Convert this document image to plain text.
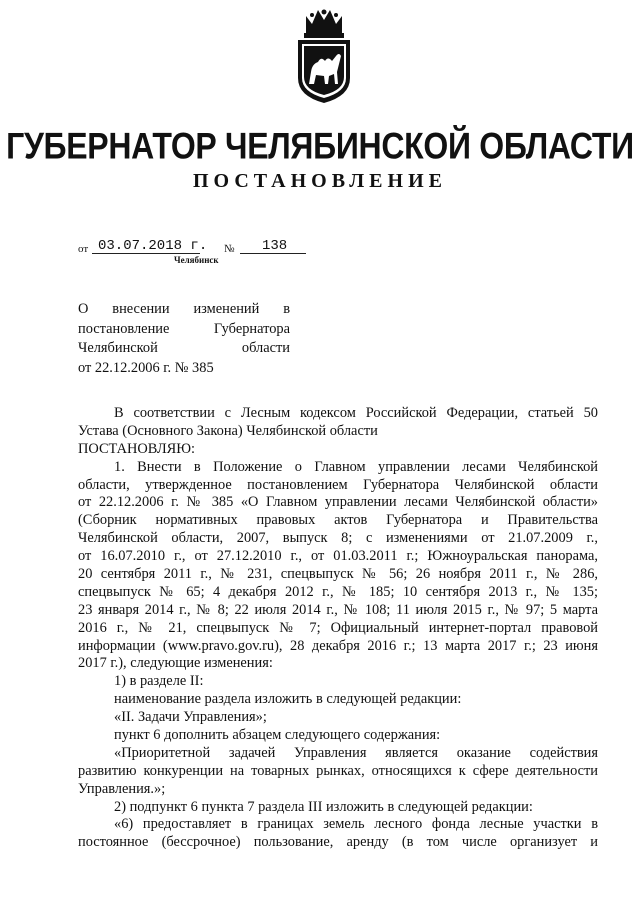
ГУБЕРНАТОР ЧЕЛЯБИНСКОЙ ОБЛАСТИ
ПОСТАНОВЛЕНИЕ
от 03.07.2018 г. № 138
Челябинск
О внесении изменений в
постановление Губернатора
Челябинской области
от 22.12.2006 г. № 385
В соответствии с Лесным кодексом Российской Федерации, статьей 50
Устава (Основного Закона) Челябинской области
ПОСТАНОВЛЯЮ:
1. Внести в Положение о Главном управлении лесами Челябинской
области, утвержденное постановлением Губернатора Челябинской области
от 22.12.2006 г. № 385 «О Главном управлении лесами Челябинской области»
(Сборник нормативных правовых актов Губернатора и Правительства
Челябинской области, 2007, выпуск 8; с изменениями от 21.07.2009 г.,
от 16.07.2010 г., от 27.12.2010 г., от 01.03.2011 г.; Южноуральская панорама,
20 сентября 2011 г., № 231, спецвыпуск № 56; 26 ноября 2011 г., № 286,
спецвыпуск № 65; 4 декабря 2012 г., № 185; 10 сентября 2013 г., № 135;
23 января 2014 г., № 8; 22 июля 2014 г., № 108; 11 июля 2015 г., № 97; 5 марта
2016 г., № 21, спецвыпуск № 7; Официальный интернет-портал правовой
информации (www.pravo.gov.ru), 28 декабря 2016 г.; 13 марта 2017 г.; 23 июня
2017 г.), следующие изменения:
1) в разделе II:
наименование раздела изложить в следующей редакции:
«II. Задачи Управления»;
пункт 6 дополнить абзацем следующего содержания:
«Приоритетной задачей Управления является оказание содействия
развитию конкуренции на товарных рынках, относящихся к сфере деятельности
Управления.»;
2) подпункт 6 пункта 7 раздела III изложить в следующей редакции:
«6) предоставляет в границах земель лесного фонда лесные участки в
постоянное (бессрочное) пользование, аренду (в том числе организует и
